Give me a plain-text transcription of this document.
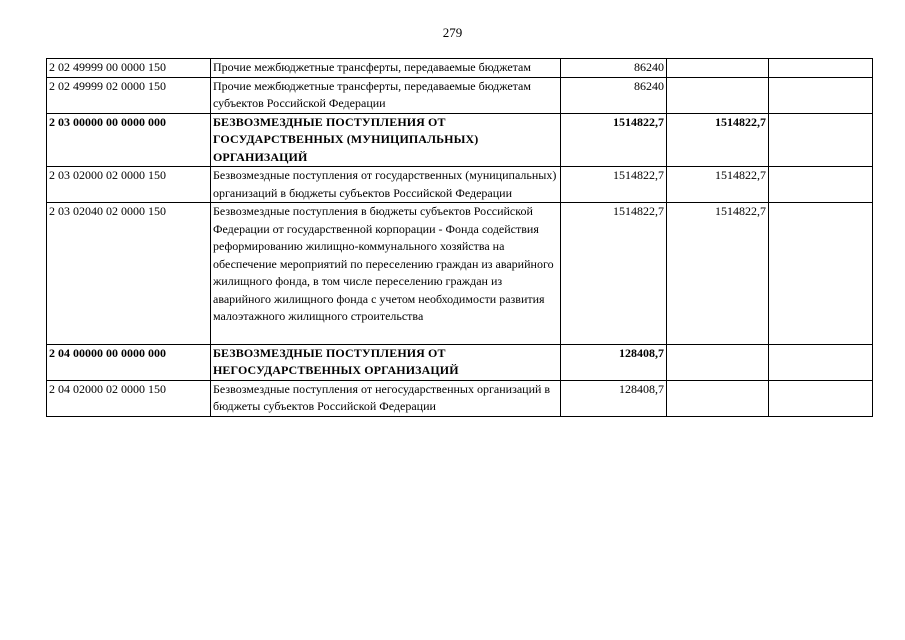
279
2 02 49999 00 0000 150	Прочие межбюджетные трансферты, передаваемые бюджетам	86240		
2 02 49999 02 0000 150	Прочие межбюджетные трансферты, передаваемые бюджетам субъектов Российской Федерации	86240		
2 03 00000 00 0000 000	БЕЗВОЗМЕЗДНЫЕ ПОСТУПЛЕНИЯ ОТ ГОСУДАРСТВЕННЫХ (МУНИЦИПАЛЬНЫХ) ОРГАНИЗАЦИЙ	1514822,7	1514822,7	
2 03 02000 02 0000 150	Безвозмездные поступления от государственных (муниципальных) организаций в бюджеты субъектов Российской Федерации	1514822,7	1514822,7	
2 03 02040 02 0000 150	Безвозмездные поступления в бюджеты субъектов Российской Федерации от государственной корпорации - Фонда содействия реформированию жилищно-коммунального хозяйства на обеспечение мероприятий по переселению граждан из аварийного жилищного фонда, в том числе переселению граждан из аварийного жилищного фонда с учетом необходимости развития малоэтажного жилищного строительства	1514822,7	1514822,7	
2 04 00000 00 0000 000	БЕЗВОЗМЕЗДНЫЕ ПОСТУПЛЕНИЯ ОТ НЕГОСУДАРСТВЕННЫХ ОРГАНИЗАЦИЙ	128408,7		
2 04 02000 02 0000 150	Безвозмездные поступления от негосударственных организаций в бюджеты субъектов Российской Федерации	128408,7		
